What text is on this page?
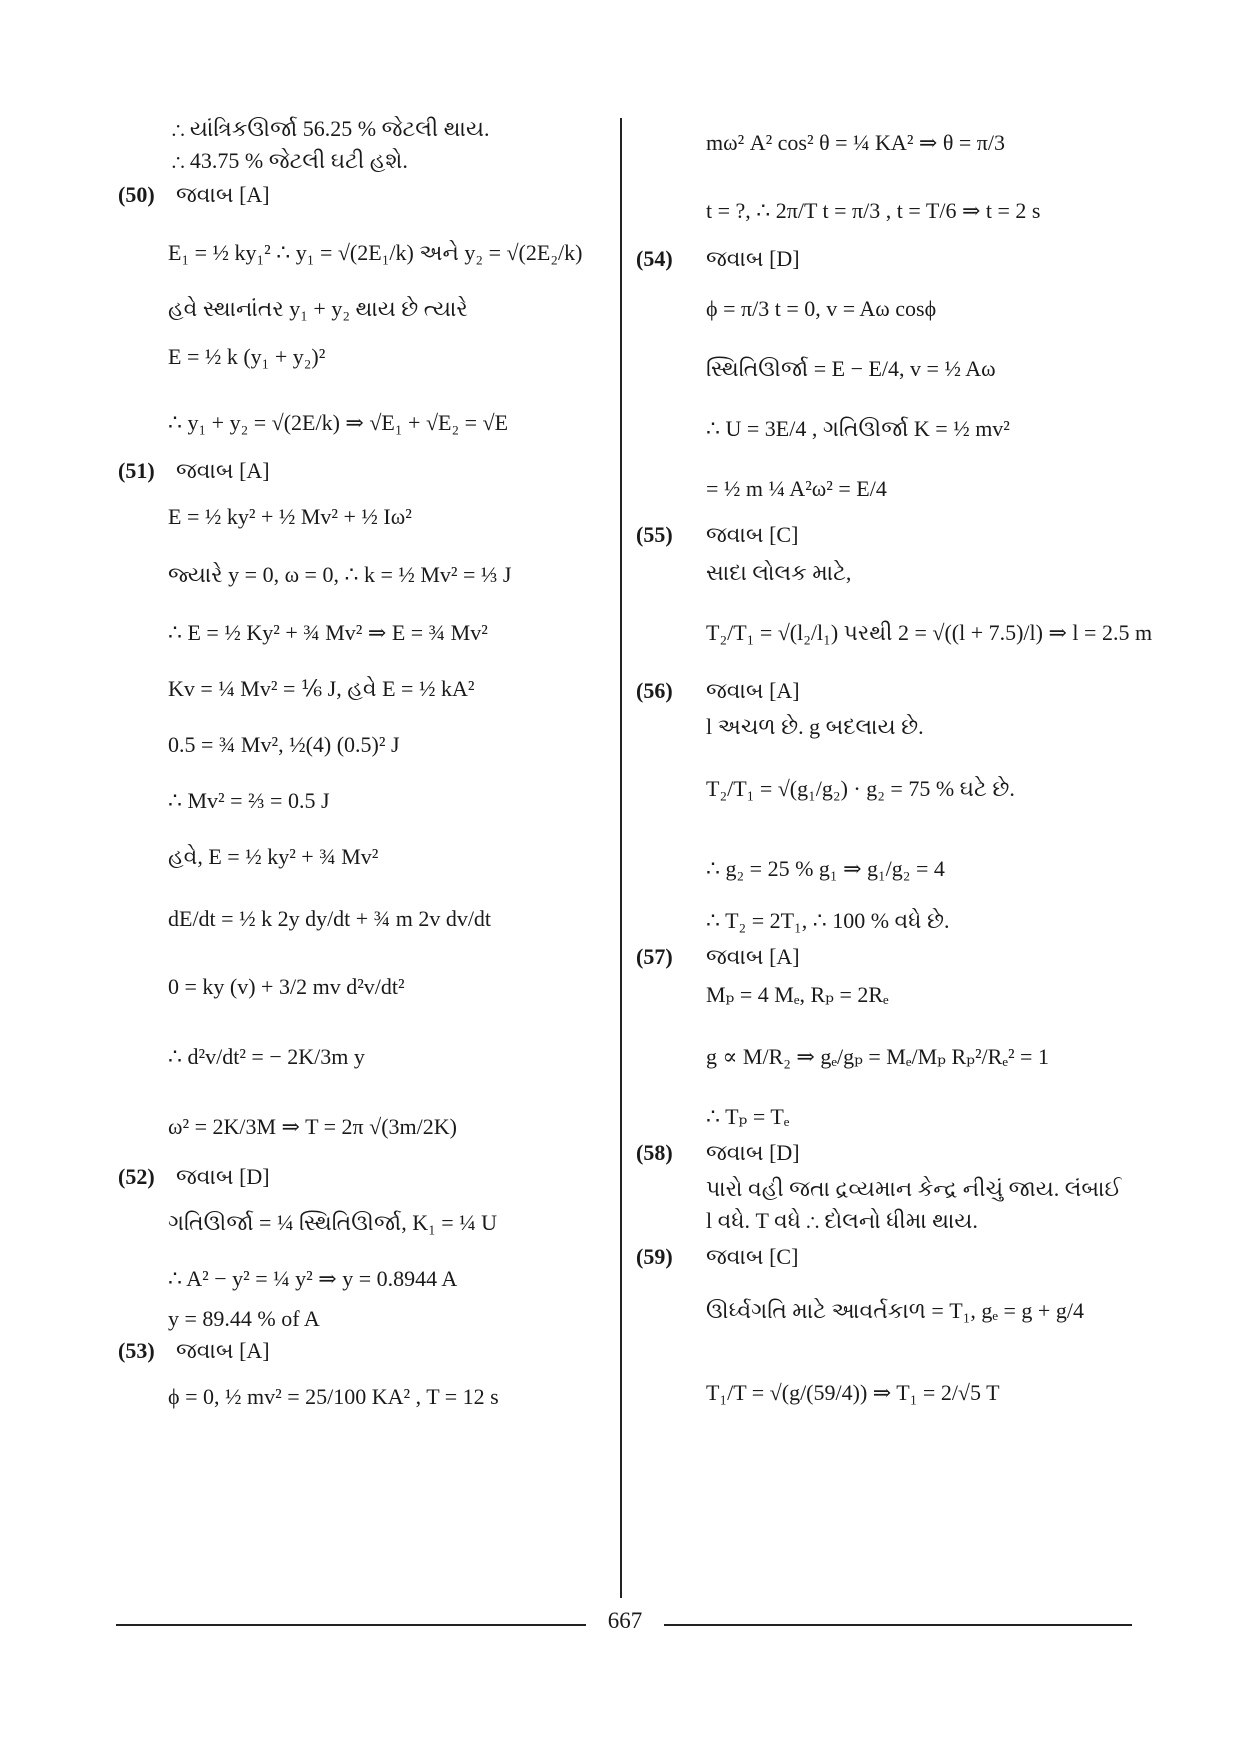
∴ યાંત્રિકઊર્જા 56.25 % જેટલી થાય.
∴ 43.75 % જેટલી ઘટી હશે.
(50) જવાબ [A]
E₁ = ½ ky₁² ∴ y₁ = √(2E₁/k) અને y₂ = √(2E₂/k)
હવે સ્થાનાંતર y₁ + y₂ થાય છે ત્યારે
E = ½ k (y₁ + y₂)²
∴ y₁ + y₂ = √(2E/k) ⇒ √E₁ + √E₂ = √E
(51) જવાબ [A]
E = ½ ky² + ½ Mv² + ½ Iω²
જ્યારે y = 0, ω = 0, ∴ k = ½ Mv² = ⅓ J
∴ E = ½ Ky² + ¾ Mv² ⇒ E = ¾ Mv²
Kv = ¼ Mv² = ⅙ J, હવે E = ½ kA²
0.5 = ¾ Mv², ½(4) (0.5)² J
∴ Mv² = ⅔ = 0.5 J
હવે, E = ½ ky² + ¾ Mv²
dE/dt = ½ k 2y dy/dt + ¾ m 2v dv/dt
0 = ky (v) + 3/2 mv d²v/dt²
∴ d²v/dt² = − 2K/3m y
ω² = 2K/3M ⇒ T = 2π √(3m/2K)
(52) જવાબ [D]
ગતિઊર્જા = ¼ સ્થિતિઊર્જા, K₁ = ¼ U
∴ A² − y² = ¼ y² ⇒ y = 0.8944 A
y = 89.44 % of A
(53) જવાબ [A]
ϕ = 0, ½ mv² = 25/100 KA² , T = 12 s
mω² A² cos² θ = ¼ KA² ⇒ θ = π/3
t = ?, ∴ 2π/T t = π/3 , t = T/6 ⇒ t = 2 s
(54) જવાબ [D]
ϕ = π/3 t = 0, v = Aω cosϕ
સ્થિતિઊર્જા = E − E/4, v = ½ Aω
∴ U = 3E/4 , ગતિઊર્જા K = ½ mv²
= ½ m ¼ A²ω² = E/4
(55) જવાબ [C]
સાદા લોલક માટે,
T₂/T₁ = √(l₂/l₁) પરથી 2 = √((l + 7.5)/l) ⇒ l = 2.5 m
(56) જવાબ [A]
l અચળ છે. g બદલાય છે.
T₂/T₁ = √(g₁/g₂) · g₂ = 75 % ઘટે છે.
∴ g₂ = 25 % g₁ ⇒ g₁/g₂ = 4
∴ T₂ = 2T₁, ∴ 100 % વધે છે.
(57) જવાબ [A]
Mₚ = 4 Mₑ, Rₚ = 2Rₑ
g ∝ M/R₂ ⇒ gₑ/gₚ = Mₑ/Mₚ Rₚ²/Rₑ² = 1
∴ Tₚ = Tₑ
(58) જવાબ [D]
પારો વહી જતા દ્રવ્યમાન કેન્દ્ર નીચું જાય. લંબાઈ
l વધે. T વધે ∴ દોલનો ધીમા થાય.
(59) જવાબ [C]
ઊર્ધ્વગતિ માટે આવર્તકાળ = T₁, gₑ = g + g/4
T₁/T = √(g/(59/4)) ⇒ T₁ = 2/√5 T
667
